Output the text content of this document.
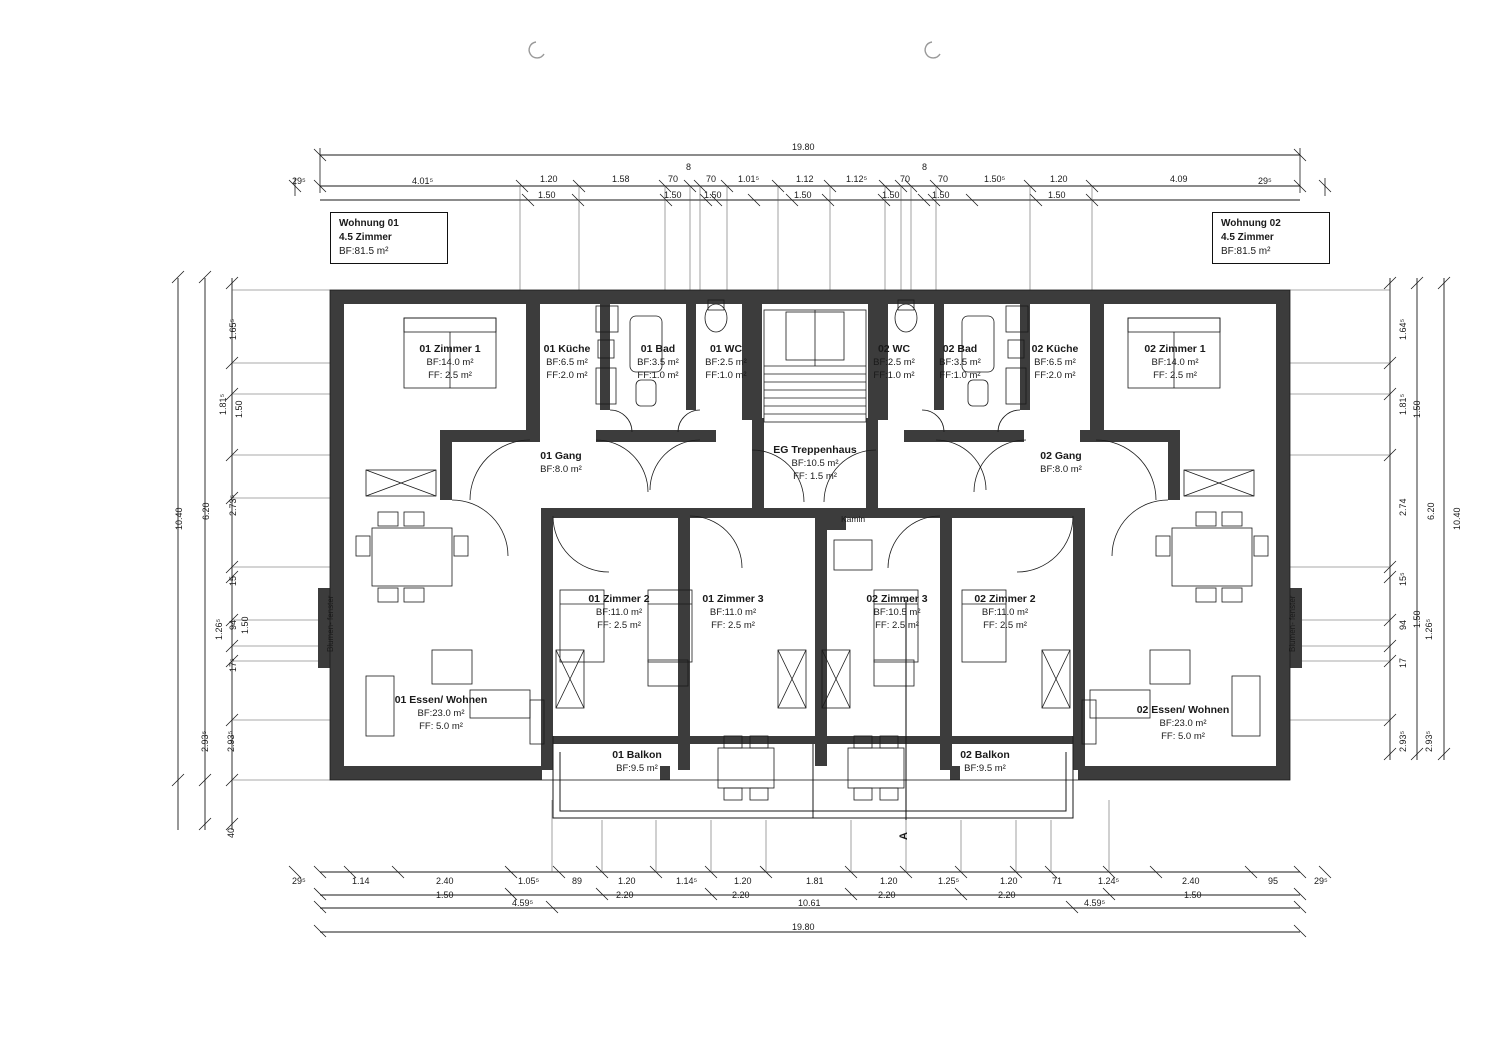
Wohnung 01
4.5 Zimmer
BF:81.5 m²
Wohnung 02
4.5 Zimmer
BF:81.5 m²
01 Zimmer 1
BF:14.0 m²
FF: 2.5 m²
01 Küche
BF:6.5 m²
FF:2.0 m²
01 Bad
BF:3.5 m²
FF:1.0 m²
01 WC
BF:2.5 m²
FF:1.0 m²
02 WC
BF:2.5 m²
FF:1.0 m²
02 Bad
BF:3.5 m²
FF:1.0 m²
02 Küche
BF:6.5 m²
FF:2.0 m²
02 Zimmer 1
BF:14.0 m²
FF: 2.5 m²
01 Gang
BF:8.0 m²
EG Treppenhaus
BF:10.5 m²
FF: 1.5 m²
02 Gang
BF:8.0 m²
01 Zimmer 2
BF:11.0 m²
FF: 2.5 m²
01 Zimmer 3
BF:11.0 m²
FF: 2.5 m²
02 Zimmer 3
BF:10.5 m²
FF: 2.5 m²
02 Zimmer 2
BF:11.0 m²
FF: 2.5 m²
01 Essen/ Wohnen
BF:23.0 m²
FF: 5.0 m²
02 Essen/ Wohnen
BF:23.0 m²
FF: 5.0 m²
01 Balkon
BF:9.5 m²
02 Balkon
BF:9.5 m²
Kamin
Blumen- fenster	Blumen- fenster
A
19.80
29⁵	4.01⁵	1.20	1.58	70
8
70 1.01⁵	1.12	1.12⁵	70
8
70	1.50⁵	1.20	4.09	29⁵
1.50	1.50 1.50	1.50	1.50	1.50	1.50
10.40 6.20
1.65⁵
1.81⁵ 1.50
2.73⁵
15
1.26⁵ 94 1.50
17⁵
2.93⁵ 2.93⁵
40
10.40
6.20
1.64⁵
1.81⁵ 1.50
2.74
15⁵
94 1.50 1.26⁵
17
2.93⁵ 2.93⁵
29⁵	1.14	2.40	1.05⁵	89	1.20	1.14⁵	1.20	1.81	1.20	1.25⁵	1.20	71	1.24⁵	2.40	95	29⁵
1.50	2.20	2.20	2.20	2.20	1.50
4.59⁵	10.61	4.59⁵
19.80
